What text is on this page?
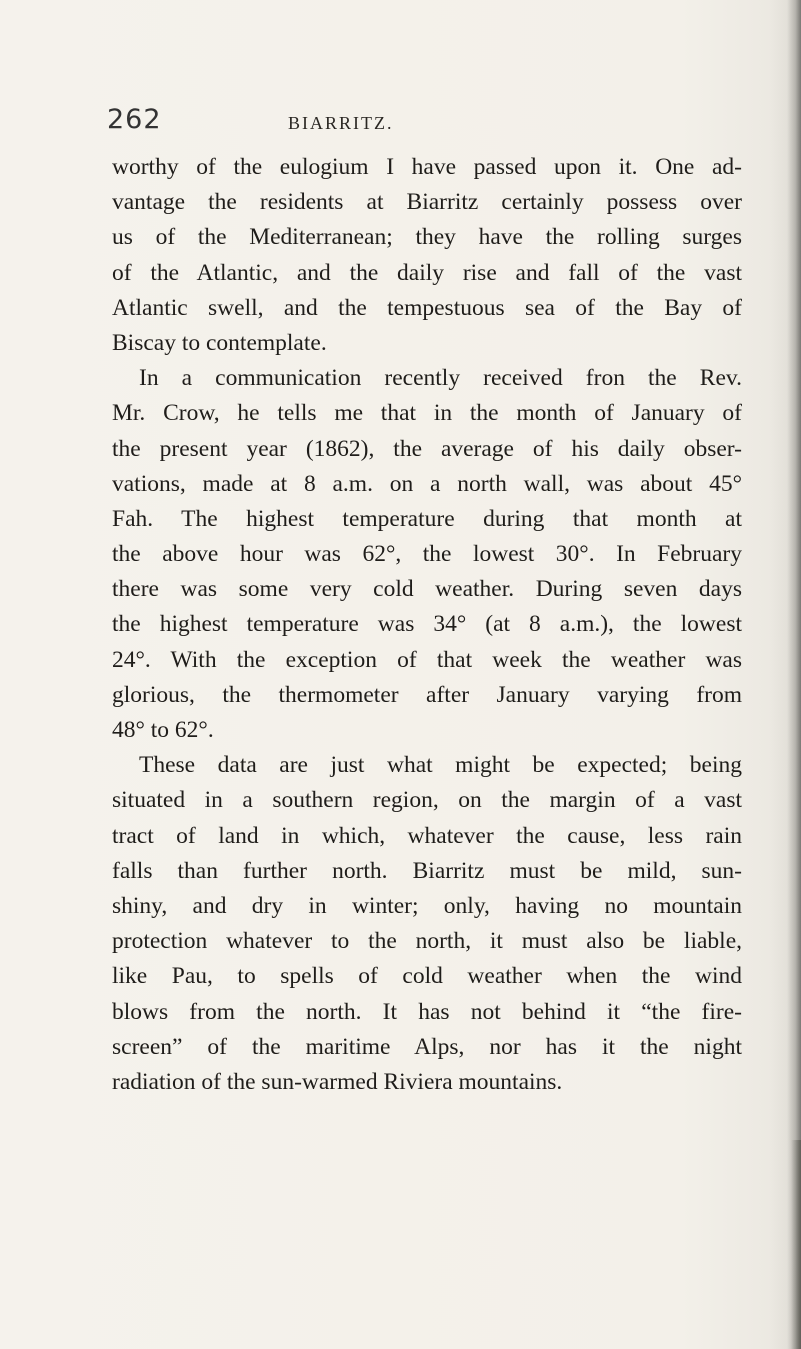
262	BIARRITZ.
worthy of the eulogium I have passed upon it. One ad-
vantage the residents at Biarritz certainly possess over
us of the Mediterranean; they have the rolling surges
of the Atlantic, and the daily rise and fall of the vast
Atlantic swell, and the tempestuous sea of the Bay of
Biscay to contemplate.
In a communication recently received fron the Rev.
Mr. Crow, he tells me that in the month of January of
the present year (1862), the average of his daily obser-
vations, made at 8 a.m. on a north wall, was about 45°
Fah. The highest temperature during that month at
the above hour was 62°, the lowest 30°. In February
there was some very cold weather. During seven days
the highest temperature was 34° (at 8 a.m.), the lowest
24°. With the exception of that week the weather was
glorious, the thermometer after January varying from
48° to 62°.
These data are just what might be expected; being
situated in a southern region, on the margin of a vast
tract of land in which, whatever the cause, less rain
falls than further north. Biarritz must be mild, sun-
shiny, and dry in winter; only, having no mountain
protection whatever to the north, it must also be liable,
like Pau, to spells of cold weather when the wind
blows from the north. It has not behind it “the fire-
screen” of the maritime Alps, nor has it the night
radiation of the sun-warmed Riviera mountains.
